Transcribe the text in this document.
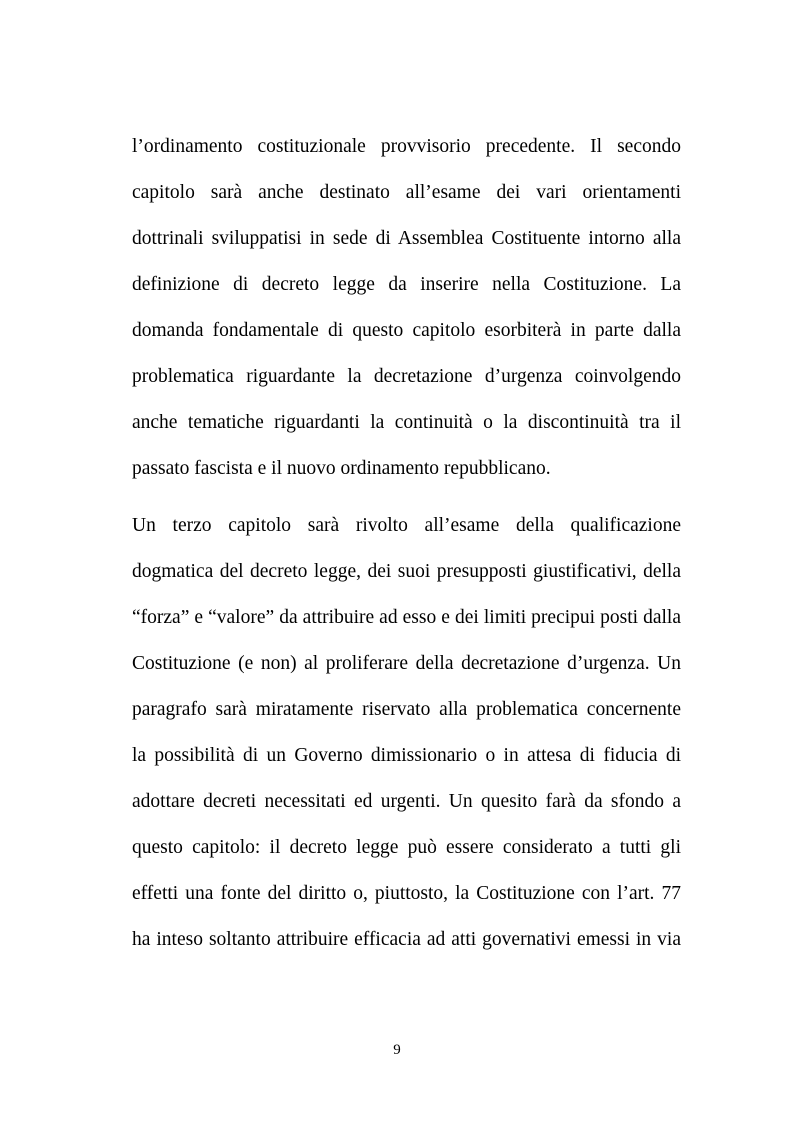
l’ordinamento costituzionale provvisorio precedente. Il secondo
capitolo sarà anche destinato all’esame dei vari orientamenti
dottrinali sviluppatisi in sede di Assemblea Costituente intorno alla
definizione di decreto legge da inserire nella Costituzione. La
domanda fondamentale di questo capitolo esorbiterà in parte dalla
problematica riguardante la decretazione d’urgenza coinvolgendo
anche tematiche riguardanti la continuità o la discontinuità tra il
passato fascista e il nuovo ordinamento repubblicano.

Un terzo capitolo sarà rivolto all’esame della qualificazione
dogmatica del decreto legge, dei suoi presupposti giustificativi, della
“forza” e “valore” da attribuire ad esso e dei limiti precipui posti dalla
Costituzione (e non) al proliferare della decretazione d’urgenza. Un
paragrafo sarà miratamente riservato alla problematica concernente
la possibilità di un Governo dimissionario o in attesa di fiducia di
adottare decreti necessitati ed urgenti. Un quesito farà da sfondo a
questo capitolo: il decreto legge può essere considerato a tutti gli
effetti una fonte del diritto o, piuttosto, la Costituzione con l’art. 77
ha inteso soltanto attribuire efficacia ad atti governativi emessi in via

9
